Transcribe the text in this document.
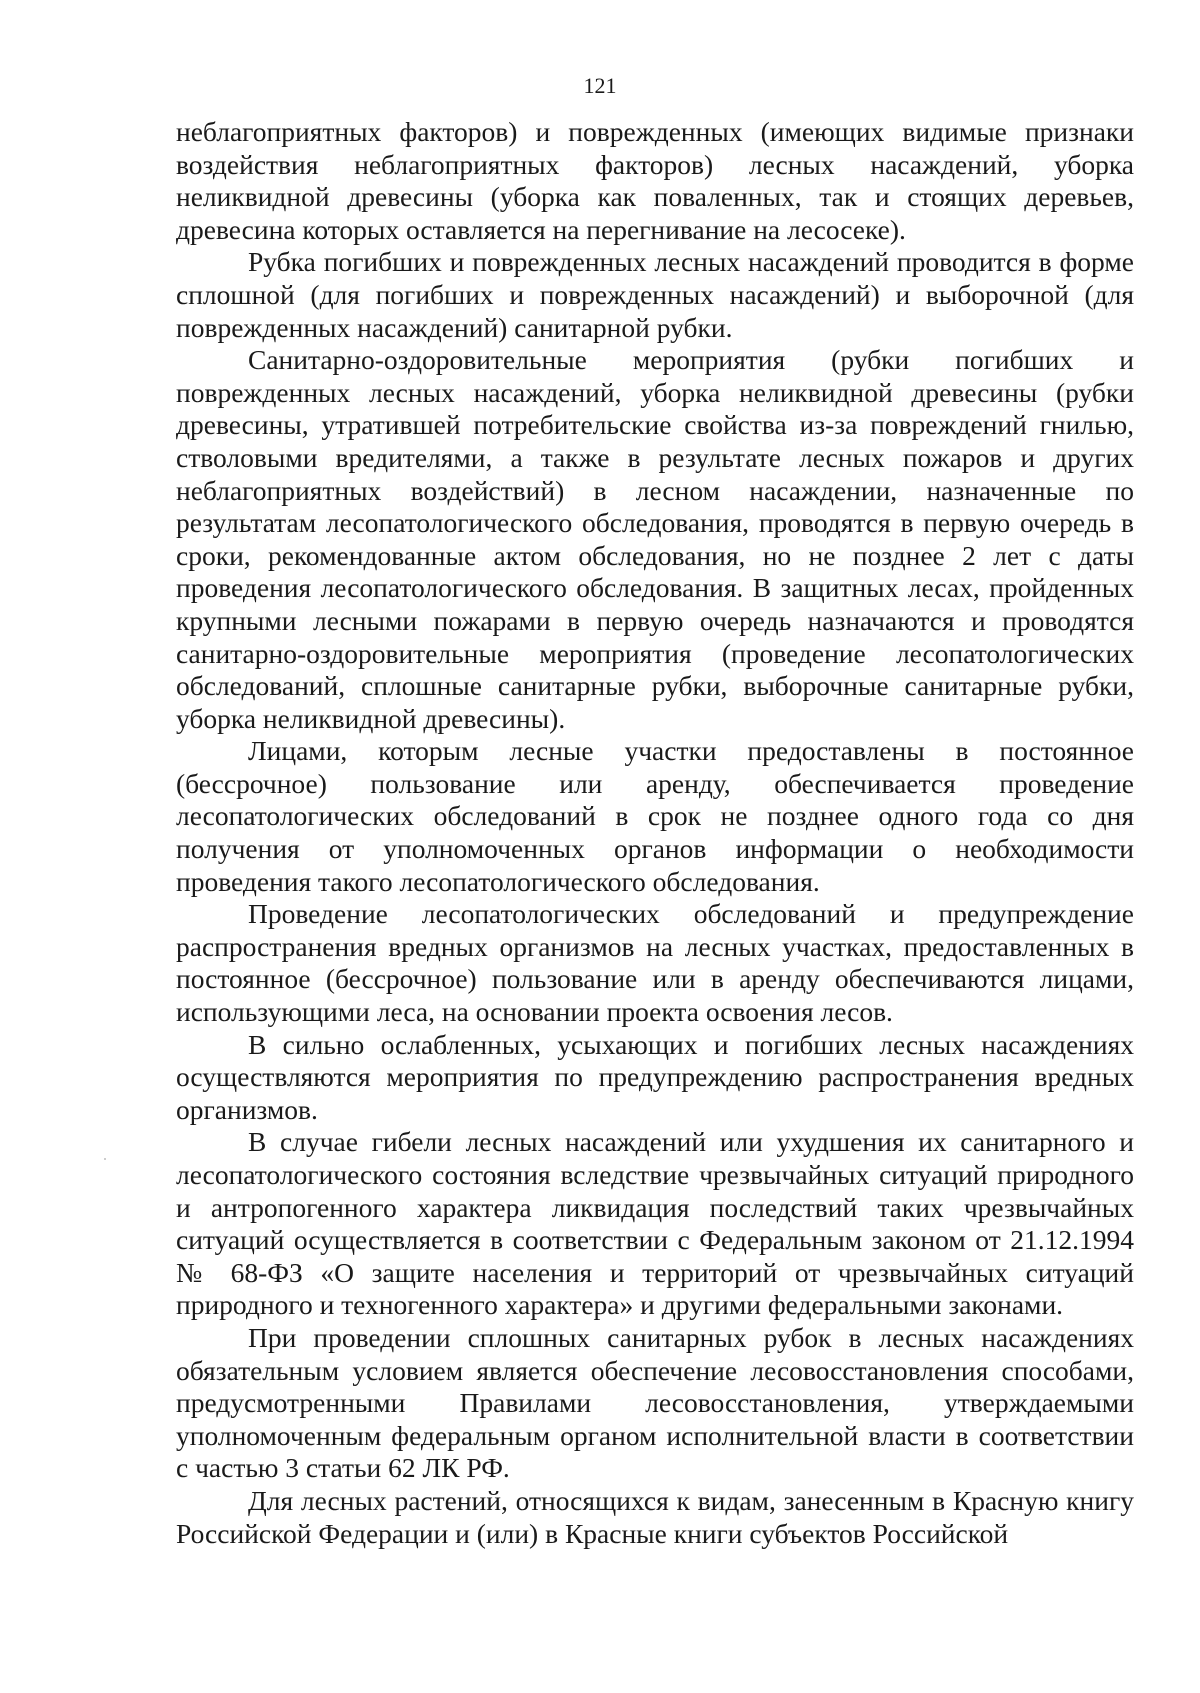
121

неблагоприятных факторов) и поврежденных (имеющих видимые признаки воздействия неблагоприятных факторов) лесных насаждений, уборка неликвидной древесины (уборка как поваленных, так и стоящих деревьев, древесина которых оставляется на перегнивание на лесосеке).

Рубка погибших и поврежденных лесных насаждений проводится в форме сплошной (для погибших и поврежденных насаждений) и выборочной (для поврежденных насаждений) санитарной рубки.

Санитарно-оздоровительные мероприятия (рубки погибших и поврежденных лесных насаждений, уборка неликвидной древесины (рубки древесины, утратившей потребительские свойства из-за повреждений гнилью, стволовыми вредителями, а также в результате лесных пожаров и других неблагоприятных воздействий) в лесном насаждении, назначенные по результатам лесопатологического обследования, проводятся в первую очередь в сроки, рекомендованные актом обследования, но не позднее 2 лет с даты проведения лесопатологического обследования. В защитных лесах, пройденных крупными лесными пожарами в первую очередь назначаются и проводятся санитарно-оздоровительные мероприятия (проведение лесопатологических обследований, сплошные санитарные рубки, выборочные санитарные рубки, уборка неликвидной древесины).

Лицами, которым лесные участки предоставлены в постоянное (бессрочное) пользование или аренду, обеспечивается проведение лесопатологических обследований в срок не позднее одного года со дня получения от уполномоченных органов информации о необходимости проведения такого лесопатологического обследования.

Проведение лесопатологических обследований и предупреждение распространения вредных организмов на лесных участках, предоставленных в постоянное (бессрочное) пользование или в аренду обеспечиваются лицами, использующими леса, на основании проекта освоения лесов.

В сильно ослабленных, усыхающих и погибших лесных насаждениях осуществляются мероприятия по предупреждению распространения вредных организмов.

В случае гибели лесных насаждений или ухудшения их санитарного и лесопатологического состояния вследствие чрезвычайных ситуаций природного и антропогенного характера ликвидация последствий таких чрезвычайных ситуаций осуществляется в соответствии с Федеральным законом от 21.12.1994 № 68-ФЗ «О защите населения и территорий от чрезвычайных ситуаций природного и техногенного характера» и другими федеральными законами.

При проведении сплошных санитарных рубок в лесных насаждениях обязательным условием является обеспечение лесовосстановления способами, предусмотренными Правилами лесовосстановления, утверждаемыми уполномоченным федеральным органом исполнительной власти в соответствии с частью 3 статьи 62 ЛК РФ.

Для лесных растений, относящихся к видам, занесенным в Красную книгу Российской Федерации и (или) в Красные книги субъектов Российской
